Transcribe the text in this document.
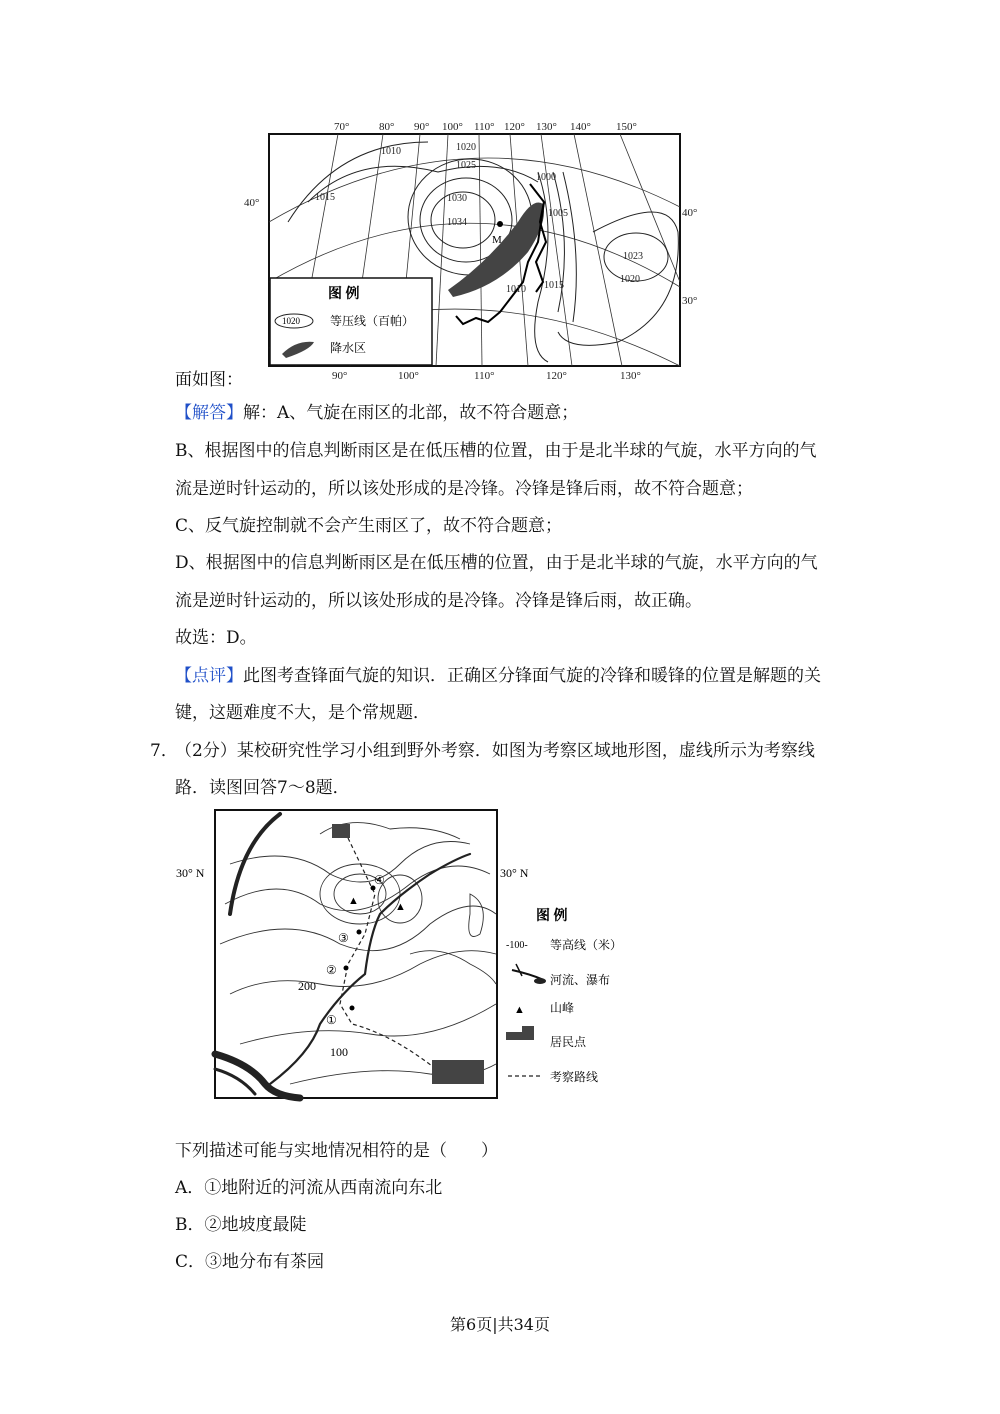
70°	80° 90° 100° 110° 120° 130° 140° 150°
40°
40°
30°
90°	100°	110°	120°	130°
M
1010
1015
1020
1025
1030
1034
1000
1005
1010 1015
1023
1020
图 例
1020	等压线（百帕）
降水区
面如图：
【解答】解：A、气旋在雨区的北部，故不符合题意；
B、根据图中的信息判断雨区是在低压槽的位置，由于是北半球的气旋，水平方向的气
流是逆时针运动的，所以该处形成的是冷锋。冷锋是锋后雨，故不符合题意；
C、反气旋控制就不会产生雨区了，故不符合题意；
D、根据图中的信息判断雨区是在低压槽的位置，由于是北半球的气旋，水平方向的气
流是逆时针运动的，所以该处形成的是冷锋。冷锋是锋后雨，故正确。
故选：D。
【点评】此图考查锋面气旋的知识．正确区分锋面气旋的冷锋和暖锋的位置是解题的关
键，这题难度不大，是个常规题．
7．
（2分）某校研究性学习小组到野外考察．如图为考察区域地形图，虚线所示为考察线
路．读图回答7～8题．
30° N	30° N
▲	▲
①
②
③
④
200
100
图 例
-100- 等高线（米）
河流、瀑布
▲ 山峰
居民点
考察路线
下列描述可能与实地情况相符的是（　　）
A．①地附近的河流从西南流向东北
B．②地坡度最陡
C．③地分布有茶园
第6页|共34页
